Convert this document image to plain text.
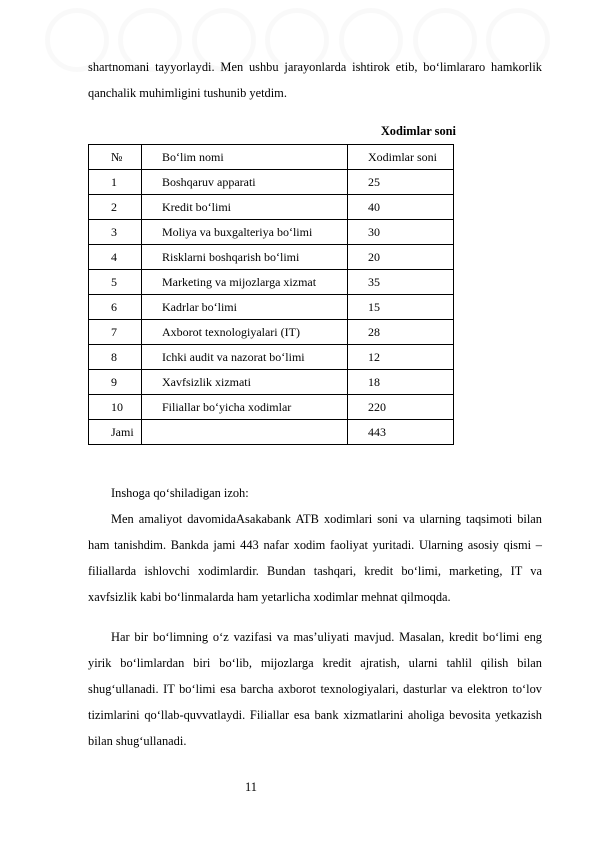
shartnomani tayyorlaydi. Men ushbu jarayonlarda ishtirok etib, bo‘limlararo hamkorlik qanchalik muhimligini tushunib yetdim.

Xodimlar soni

№	Bo‘lim nomi	Xodimlar soni
1	Boshqaruv apparati	25
2	Kredit bo‘limi	40
3	Moliya va buxgalteriya bo‘limi	30
4	Risklarni boshqarish bo‘limi	20
5	Marketing va mijozlarga xizmat	35
6	Kadrlar bo‘limi	15
7	Axborot texnologiyalari (IT)	28
8	Ichki audit va nazorat bo‘limi	12
9	Xavfsizlik xizmati	18
10	Filiallar bo‘yicha xodimlar	220
Jami		443

Inshoga qo‘shiladigan izoh:

Men amaliyot davomidaAsakabank ATB xodimlari soni va ularning taqsimoti bilan ham tanishdim. Bankda jami 443 nafar xodim faoliyat yuritadi. Ularning asosiy qismi – filiallarda ishlovchi xodimlardir. Bundan tashqari, kredit bo‘limi, marketing, IT va xavfsizlik kabi bo‘linmalarda ham yetarlicha xodimlar mehnat qilmoqda.

Har bir bo‘limning o‘z vazifasi va mas’uliyati mavjud. Masalan, kredit bo‘limi eng yirik bo‘limlardan biri bo‘lib, mijozlarga kredit ajratish, ularni tahlil qilish bilan shug‘ullanadi. IT bo‘limi esa barcha axborot texnologiyalari, dasturlar va elektron to‘lov tizimlarini qo‘llab-quvvatlaydi. Filiallar esa bank xizmatlarini aholiga bevosita yetkazish bilan shug‘ullanadi.

11
